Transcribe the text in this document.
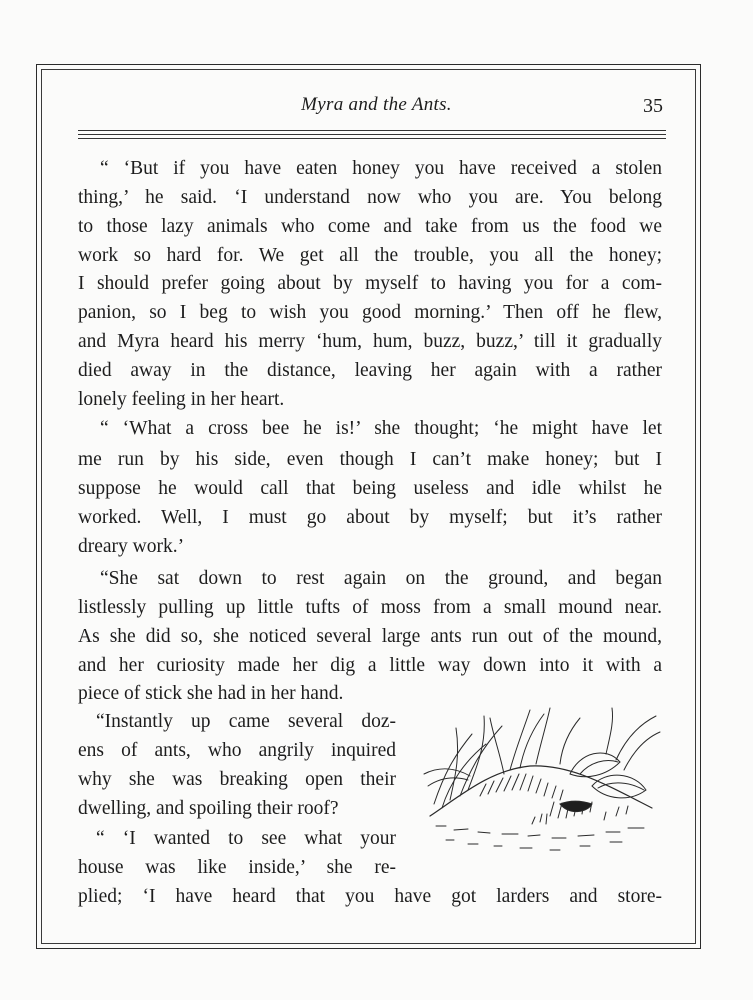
Myra and the Ants.	35
“ ‘But if you have eaten honey you have received a stolen
thing,’ he said. ‘I understand now who you are. You belong
to those lazy animals who come and take from us the food we
work so hard for. We get all the trouble, you all the honey;
I should prefer going about by myself to having you for a com-
panion, so I beg to wish you good morning.’ Then off he flew,
and Myra heard his merry ‘hum, hum, buzz, buzz,’ till it gradually
died away in the distance, leaving her again with a rather
lonely feeling in her heart.
“ ‘What a cross bee he is!’ she thought; ‘he might have let
me run by his side, even though I can’t make honey; but I
suppose he would call that being useless and idle whilst he
worked. Well, I must go about by myself; but it’s rather
dreary work.’
“She sat down to rest again on the ground, and began
listlessly pulling up little tufts of moss from a small mound near.
As she did so, she noticed several large ants run out of the mound,
and her curiosity made her dig a little way down into it with a
piece of stick she had in her hand.
“Instantly up came several doz-
ens of ants, who angrily inquired
why she was breaking open their
dwelling, and spoiling their roof?
“ ‘I wanted to see what your
house was like inside,’ she re-
plied; ‘I have heard that you have got larders and store-
